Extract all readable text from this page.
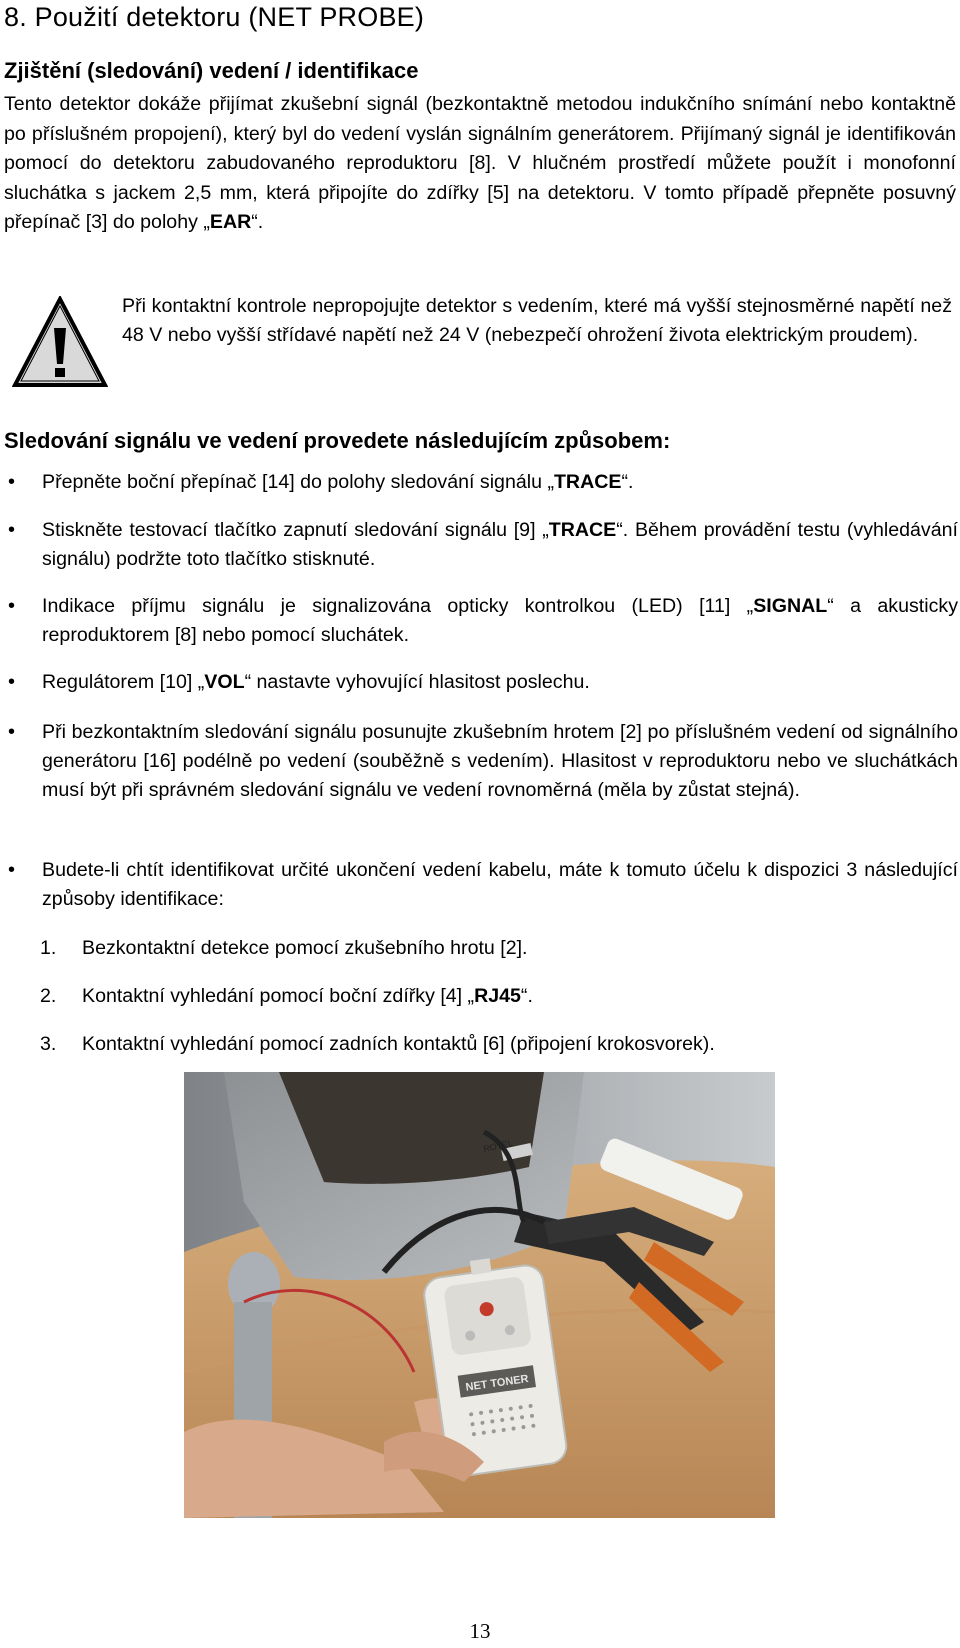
8. Použití detektoru (NET PROBE)
Zjištění (sledování) vedení / identifikace

Tento detektor dokáže přijímat zkušební signál (bezkontaktně metodou indukčního snímání nebo kontaktně po příslušném propojení), který byl do vedení vyslán signálním generátorem. Přijímaný signál je identifikován pomocí do detektoru zabudovaného reproduktoru [8]. V hlučném prostředí můžete použít i monofonní sluchátka s jackem 2,5 mm, která připojíte do zdířky [5] na detektoru. V tomto případě přepněte posuvný přepínač [3] do polohy „EAR“.

Při kontaktní kontrole nepropojujte detektor s vedením, které má vyšší stejnosměrné napětí než 48 V nebo vyšší střídavé napětí než 24 V (nebezpečí ohrožení života elektrickým proudem).

Sledování signálu ve vedení provedete následujícím způsobem:
• Přepněte boční přepínač [14] do polohy sledování signálu „TRACE“.

• Stiskněte testovací tlačítko zapnutí sledování signálu [9] „TRACE“. Během provádění testu (vyhledávání signálu) podržte toto tlačítko stisknuté.

• Indikace příjmu signálu je signalizována opticky kontrolkou (LED) [11] „SIGNAL“ a akusticky reproduktorem [8] nebo pomocí sluchátek.

• Regulátorem [10] „VOL“ nastavte vyhovující hlasitost poslechu.

• Při bezkontaktním sledování signálu posunujte zkušebním hrotem [2] po příslušném vedení od signálního generátoru [16] podélně po vedení (souběžně s vedením). Hlasitost v reproduktoru nebo ve sluchátkách musí být při správném sledování signálu ve vedení rovnoměrná (měla by zůstat stejná).

• Budete-li chtít identifikovat určité ukončení vedení kabelu, máte k tomuto účelu k dispozici 3 následující způsoby identifikace:

1. Bezkontaktní detekce pomocí zkušebního hrotu [2].
2. Kontaktní vyhledání pomocí boční zdířky [4] „RJ45“.
3. Kontaktní vyhledání pomocí zadních kontaktů [6] (připojení krokosvorek).
NET TONER
ROTEL
13
